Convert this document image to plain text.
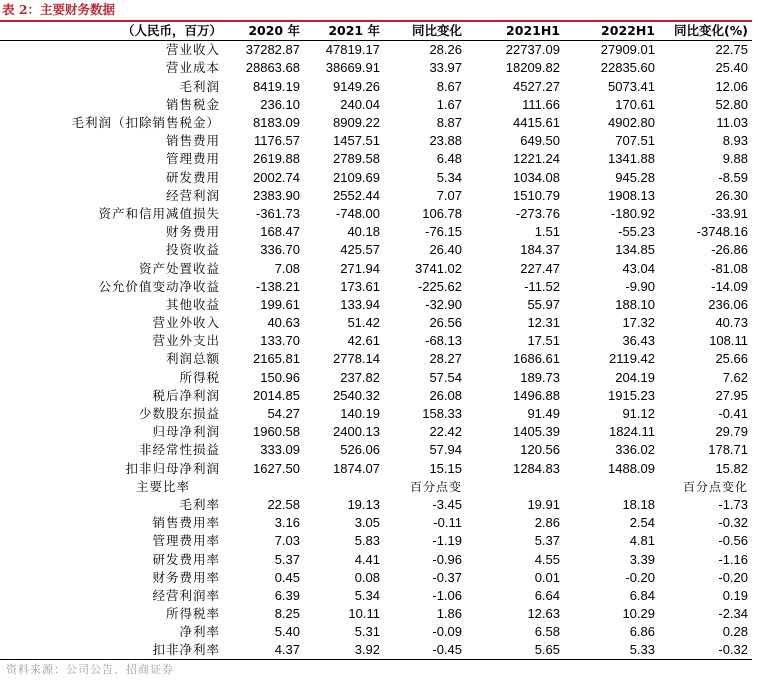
表 2：主要财务数据
（人民币，百万）	2020 年	2021 年	同比变化	2021H1	2022H1	同比变化(%)
营业收入	37282.87	47819.17	28.26	22737.09	27909.01	22.75
营业成本	28863.68	38669.91	33.97	18209.82	22835.60	25.40
毛利润	8419.19	9149.26	8.67	4527.27	5073.41	12.06
销售税金	236.10	240.04	1.67	111.66	170.61	52.80
毛利润（扣除销售税金）	8183.09	8909.22	8.87	4415.61	4902.80	11.03
销售费用	1176.57	1457.51	23.88	649.50	707.51	8.93
管理费用	2619.88	2789.58	6.48	1221.24	1341.88	9.88
研发费用	2002.74	2109.69	5.34	1034.08	945.28	-8.59
经营利润	2383.90	2552.44	7.07	1510.79	1908.13	26.30
资产和信用减值损失	-361.73	-748.00	106.78	-273.76	-180.92	-33.91
财务费用	168.47	40.18	-76.15	1.51	-55.23	-3748.16
投资收益	336.70	425.57	26.40	184.37	134.85	-26.86
资产处置收益	7.08	271.94	3741.02	227.47	43.04	-81.08
公允价值变动净收益	-138.21	173.61	-225.62	-11.52	-9.90	-14.09
其他收益	199.61	133.94	-32.90	55.97	188.10	236.06
营业外收入	40.63	51.42	26.56	12.31	17.32	40.73
营业外支出	133.70	42.61	-68.13	17.51	36.43	108.11
利润总额	2165.81	2778.14	28.27	1686.61	2119.42	25.66
所得税	150.96	237.82	57.54	189.73	204.19	7.62
税后净利润	2014.85	2540.32	26.08	1496.88	1915.23	27.95
少数股东损益	54.27	140.19	158.33	91.49	91.12	-0.41
归母净利润	1960.58	2400.13	22.42	1405.39	1824.11	29.79
非经常性损益	333.09	526.06	57.94	120.56	336.02	178.71
扣非归母净利润	1627.50	1874.07	15.15	1284.83	1488.09	15.82
主要比率			百分点变			百分点变化
毛利率	22.58	19.13	-3.45	19.91	18.18	-1.73
销售费用率	3.16	3.05	-0.11	2.86	2.54	-0.32
管理费用率	7.03	5.83	-1.19	5.37	4.81	-0.56
研发费用率	5.37	4.41	-0.96	4.55	3.39	-1.16
财务费用率	0.45	0.08	-0.37	0.01	-0.20	-0.20
经营利润率	6.39	5.34	-1.06	6.64	6.84	0.19
所得税率	8.25	10.11	1.86	12.63	10.29	-2.34
净利率	5.40	5.31	-0.09	6.58	6.86	0.28
扣非净利率	4.37	3.92	-0.45	5.65	5.33	-0.32
资料来源：公司公告、招商证券
